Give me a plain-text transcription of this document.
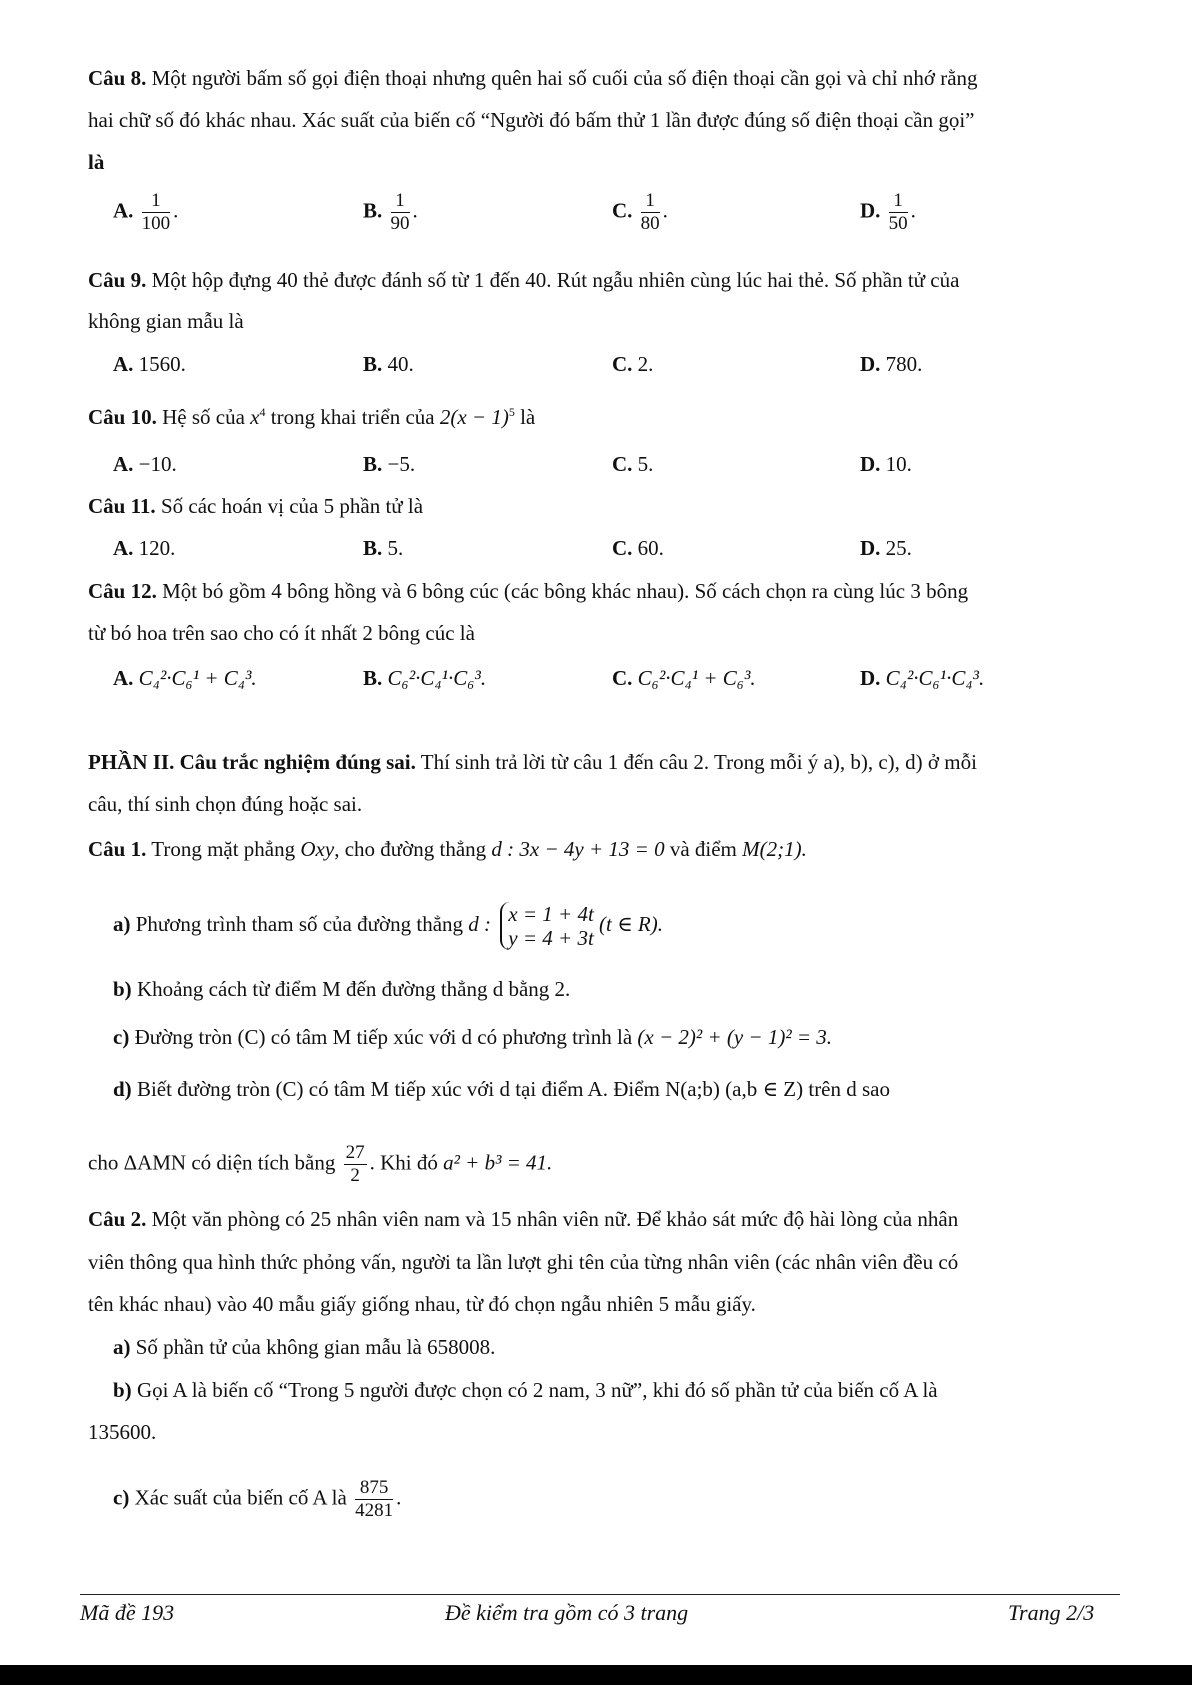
Câu 8. Một người bấm số gọi điện thoại nhưng quên hai số cuối của số điện thoại cần gọi và chỉ nhớ rằng
hai chữ số đó khác nhau. Xác suất của biến cố “Người đó bấm thử 1 lần được đúng số điện thoại cần gọi”
là
A. $\frac{1}{100}$ .	B. $\frac{1}{90}$ .	C. $\frac{1}{80}$ .	D. $\frac{1}{50}$ .
Câu 9. Một hộp đựng 40 thẻ được đánh số từ 1 đến 40. Rút ngẫu nhiên cùng lúc hai thẻ. Số phần tử của
không gian mẫu là
A. 1560.	B. 40.	C. 2.	D. 780.
Câu 10. Hệ số của $x^4$ trong khai triển của $2(x - 1)^5$ là
A. −10.	B. −5.	C. 5.	D. 10.
Câu 11. Số các hoán vị của 5 phần tử là
A. 120.	B. 5.	C. 60.	D. 25.
Câu 12. Một bó gồm 4 bông hồng và 6 bông cúc (các bông khác nhau). Số cách chọn ra cùng lúc 3 bông
từ bó hoa trên sao cho có ít nhất 2 bông cúc là
A. C₄²·C₆¹ + C₄³.	B. C₆²·C₄¹·C₆³.	C. C₆²·C₄¹ + C₆³.	D. C₄²·C₆¹·C₄³.
PHẦN II. Câu trắc nghiệm đúng sai. Thí sinh trả lời từ câu 1 đến câu 2. Trong mỗi ý a), b), c), d) ở mỗi
câu, thí sinh chọn đúng hoặc sai.
Câu 1. Trong mặt phẳng Oxy, cho đường thẳng d : 3x − 4y + 13 = 0 và điểm M(2;1).
a) Phương trình tham số của đường thẳng d : x = 1 + 4t
y = 4 + 3t
(t ∈ R).
b) Khoảng cách từ điểm M đến đường thẳng d bằng 2.
c) Đường tròn (C) có tâm M tiếp xúc với d có phương trình là (x − 2)² + (y − 1)² = 3.
d) Biết đường tròn (C) có tâm M tiếp xúc với d tại điểm A. Điểm N(a;b) (a,b ∈ Z) trên d sao
cho ΔAMN có diện tích bằng $\frac{27}{2}$ . Khi đó a² + b³ = 41.
Câu 2. Một văn phòng có 25 nhân viên nam và 15 nhân viên nữ. Để khảo sát mức độ hài lòng của nhân
viên thông qua hình thức phỏng vấn, người ta lần lượt ghi tên của từng nhân viên (các nhân viên đều có
tên khác nhau) vào 40 mẫu giấy giống nhau, từ đó chọn ngẫu nhiên 5 mẫu giấy.
a) Số phần tử của không gian mẫu là 658008.
b) Gọi A là biến cố “Trong 5 người được chọn có 2 nam, 3 nữ”, khi đó số phần tử của biến cố A là
135600.
c) Xác suất của biến cố A là $\frac{875}{4281}$ .
Mã đề 193	Đề kiểm tra gồm có 3 trang	Trang 2/3
